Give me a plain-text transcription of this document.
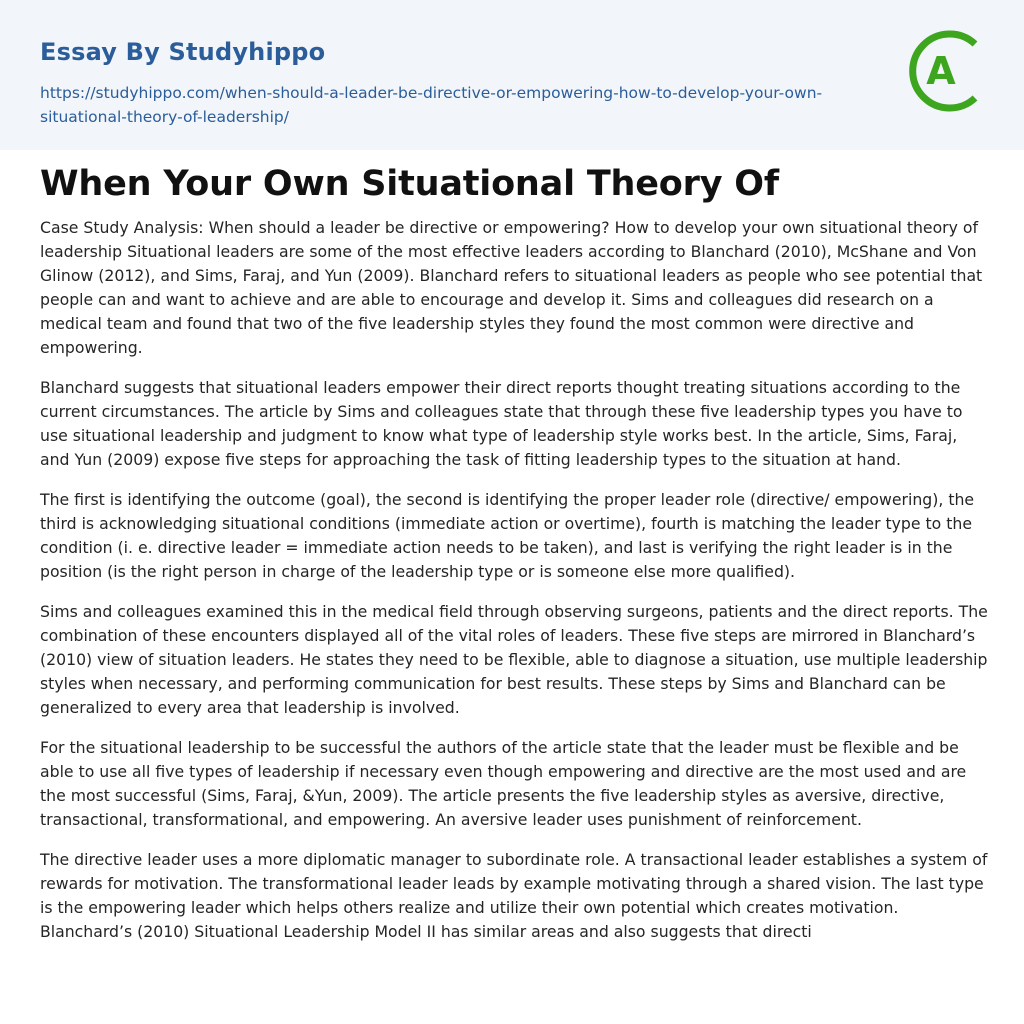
Essay By Studyhippo
https://studyhippo.com/when-should-a-leader-be-directive-or-empowering-how-to-develop-your-own-situational-theory-of-leadership/
A
When Your Own Situational Theory Of

Case Study Analysis: When should a leader be directive or empowering? How to develop your own situational theory of leadership Situational leaders are some of the most effective leaders according to Blanchard (2010), McShane and Von Glinow (2012), and Sims, Faraj, and Yun (2009). Blanchard refers to situational leaders as people who see potential that people can and want to achieve and are able to encourage and develop it. Sims and colleagues did research on a medical team and found that two of the five leadership styles they found the most common were directive and empowering.

Blanchard suggests that situational leaders empower their direct reports thought treating situations according to the current circumstances. The article by Sims and colleagues state that through these five leadership types you have to use situational leadership and judgment to know what type of leadership style works best. In the article, Sims, Faraj, and Yun (2009) expose five steps for approaching the task of fitting leadership types to the situation at hand.

The first is identifying the outcome (goal), the second is identifying the proper leader role (directive/ empowering), the third is acknowledging situational conditions (immediate action or overtime), fourth is matching the leader type to the condition (i. e. directive leader = immediate action needs to be taken), and last is verifying the right leader is in the position (is the right person in charge of the leadership type or is someone else more qualified).

Sims and colleagues examined this in the medical field through observing surgeons, patients and the direct reports. The combination of these encounters displayed all of the vital roles of leaders. These five steps are mirrored in Blanchard’s (2010) view of situation leaders. He states they need to be flexible, able to diagnose a situation, use multiple leadership styles when necessary, and performing communication for best results. These steps by Sims and Blanchard can be generalized to every area that leadership is involved.

For the situational leadership to be successful the authors of the article state that the leader must be flexible and be able to use all five types of leadership if necessary even though empowering and directive are the most used and are the most successful (Sims, Faraj, &Yun, 2009). The article presents the five leadership styles as aversive, directive, transactional, transformational, and empowering. An aversive leader uses punishment of reinforcement.

The directive leader uses a more diplomatic manager to subordinate role. A transactional leader establishes a system of rewards for motivation. The transformational leader leads by example motivating through a shared vision. The last type is the empowering leader which helps others realize and utilize their own potential which creates motivation. Blanchard’s (2010) Situational Leadership Model II has similar areas and also suggests that directi
